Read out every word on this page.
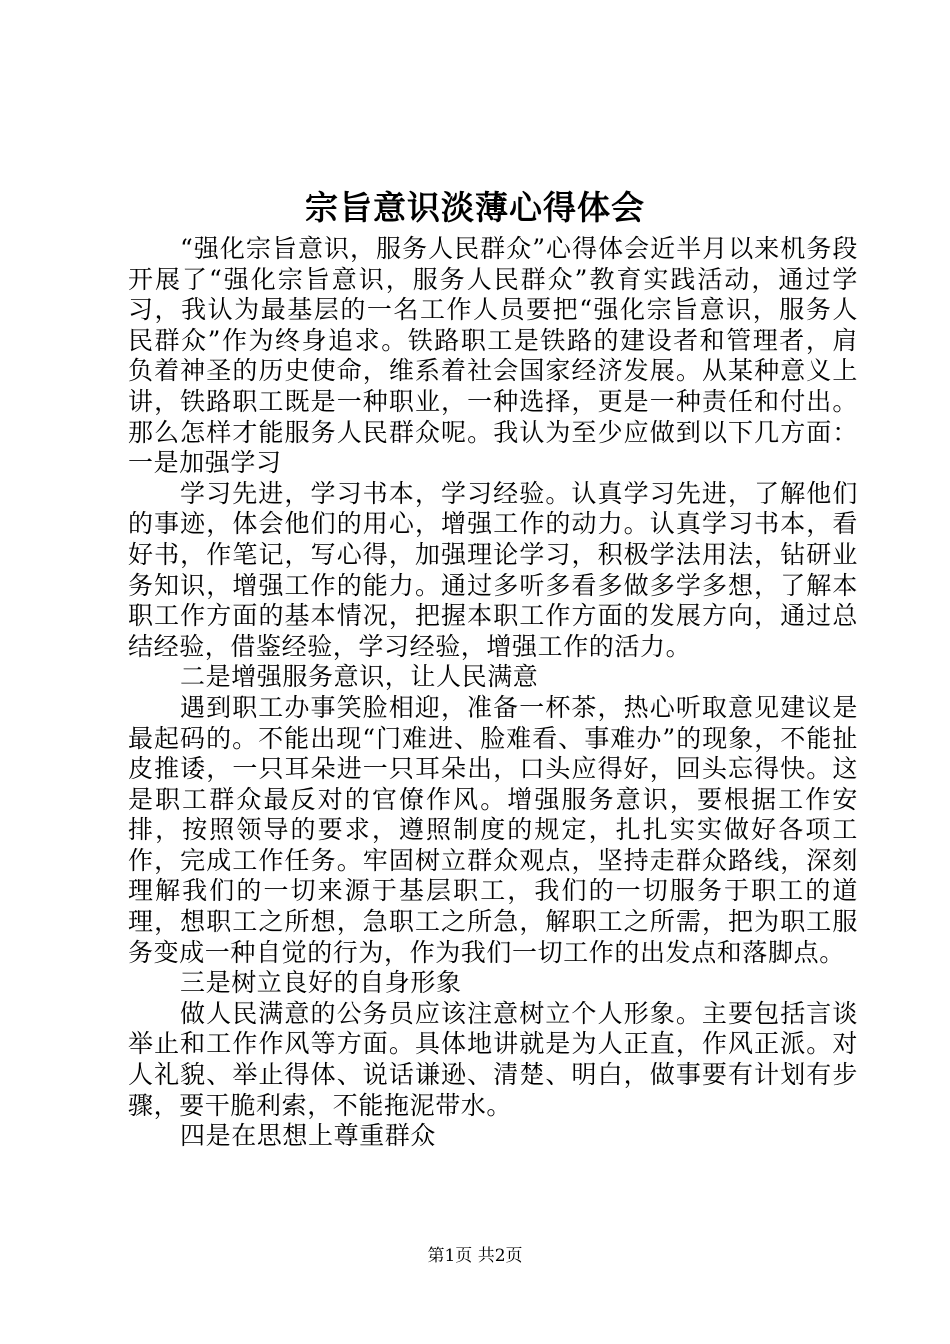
宗旨意识淡薄心得体会

“强化宗旨意识，服务人民群众”心得体会近半月以来机务段开展了“强化宗旨意识，服务人民群众”教育实践活动，通过学习，我认为最基层的一名工作人员要把“强化宗旨意识，服务人民群众”作为终身追求。铁路职工是铁路的建设者和管理者，肩负着神圣的历史使命，维系着社会国家经济发展。从某种意义上讲，铁路职工既是一种职业，一种选择，更是一种责任和付出。那么怎样才能服务人民群众呢。我认为至少应做到以下几方面：一是加强学习

学习先进，学习书本，学习经验。认真学习先进，了解他们的事迹，体会他们的用心，增强工作的动力。认真学习书本，看好书，作笔记，写心得，加强理论学习，积极学法用法，钻研业务知识，增强工作的能力。通过多听多看多做多学多想，了解本职工作方面的基本情况，把握本职工作方面的发展方向，通过总结经验，借鉴经验，学习经验，增强工作的活力。

二是增强服务意识，让人民满意

遇到职工办事笑脸相迎，准备一杯茶，热心听取意见建议是最起码的。不能出现“门难进、脸难看、事难办”的现象，不能扯皮推诿，一只耳朵进一只耳朵出，口头应得好，回头忘得快。这是职工群众最反对的官僚作风。增强服务意识，要根据工作安排，按照领导的要求，遵照制度的规定，扎扎实实做好各项工作，完成工作任务。牢固树立群众观点，坚持走群众路线，深刻理解我们的一切来源于基层职工，我们的一切服务于职工的道理，想职工之所想，急职工之所急，解职工之所需，把为职工服务变成一种自觉的行为，作为我们一切工作的出发点和落脚点。

三是树立良好的自身形象

做人民满意的公务员应该注意树立个人形象。主要包括言谈举止和工作作风等方面。具体地讲就是为人正直，作风正派。对人礼貌、举止得体、说话谦逊、清楚、明白，做事要有计划有步骤，要干脆利索，不能拖泥带水。

四是在思想上尊重群众

第1页 共2页
